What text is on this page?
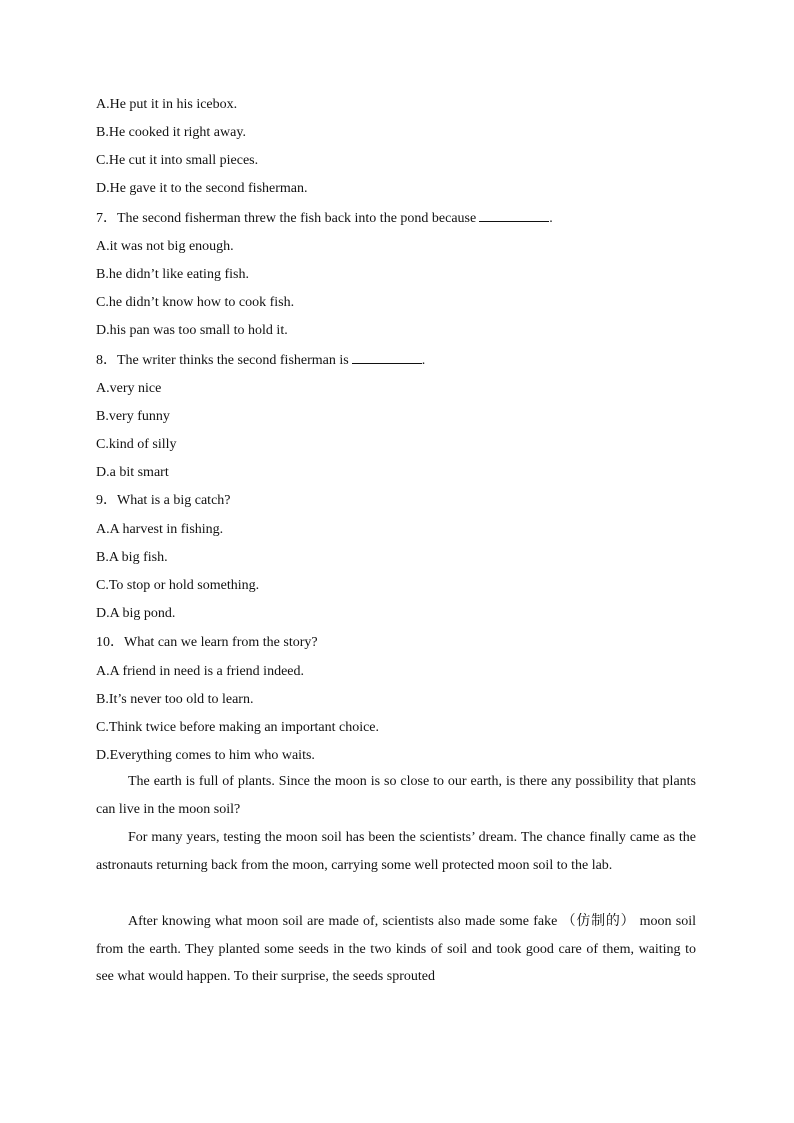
A.He put it in his icebox.
B.He cooked it right away.
C.He cut it into small pieces.
D.He gave it to the second fisherman.
7．The second fisherman threw the fish back into the pond because	.
A.it was not big enough.
B.he didn’t like eating fish.
C.he didn’t know how to cook fish.
D.his pan was too small to hold it.
8．The writer thinks the second fisherman is	.
A.very nice
B.very funny
C.kind of silly
D.a bit smart
9．What is a big catch?
A.A harvest in fishing.
B.A big fish.
C.To stop or hold something.
D.A big pond.
10．What can we learn from the story?
A.A friend in need is a friend indeed.
B.It’s never too old to learn.
C.Think twice before making an important choice.
D.Everything comes to him who waits.
The earth is full of plants. Since the moon is so close to our earth, is there any possibility that plants can live in the moon soil?
For many years, testing the moon soil has been the scientists’ dream. The chance finally came as the astronauts returning back from the moon, carrying some well protected moon soil to the lab.
After knowing what moon soil are made of, scientists also made some fake （仿制的） moon soil from the earth. They planted some seeds in the two kinds of soil and took good care of them, waiting to see what would happen. To their surprise, the seeds sprouted
